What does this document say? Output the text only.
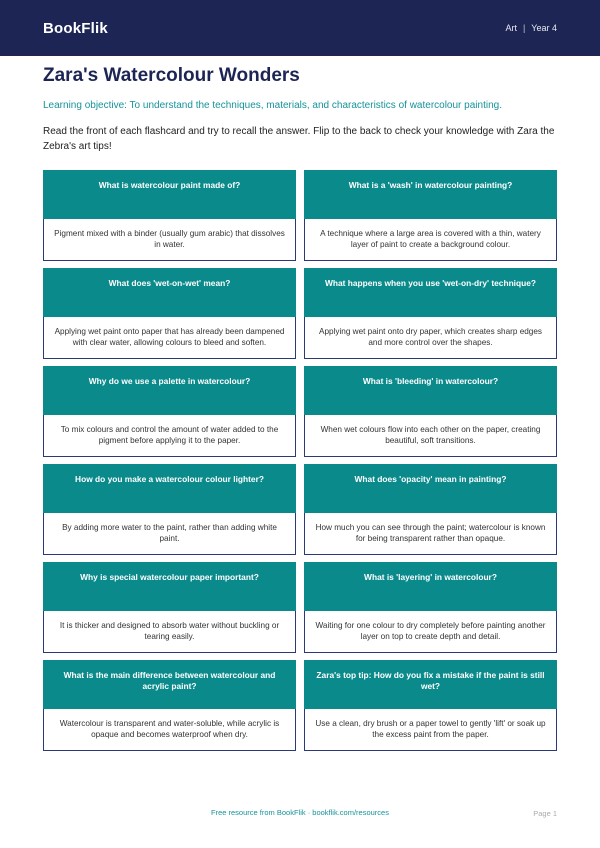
BookFlik	Art | Year 4
Zara's Watercolour Wonders

Learning objective: To understand the techniques, materials, and characteristics of watercolour painting.

Read the front of each flashcard and try to recall the answer. Flip to the back to check your knowledge with Zara the Zebra's art tips!

What is watercolour paint made of?
Pigment mixed with a binder (usually gum arabic) that dissolves in water.
What is a 'wash' in watercolour painting?
A technique where a large area is covered with a thin, watery layer of paint to create a background colour.
What does 'wet-on-wet' mean?
Applying wet paint onto paper that has already been dampened with clear water, allowing colours to bleed and soften.
What happens when you use 'wet-on-dry' technique?
Applying wet paint onto dry paper, which creates sharp edges and more control over the shapes.
Why do we use a palette in watercolour?
To mix colours and control the amount of water added to the pigment before applying it to the paper.
What is 'bleeding' in watercolour?
When wet colours flow into each other on the paper, creating beautiful, soft transitions.
How do you make a watercolour colour lighter?
By adding more water to the paint, rather than adding white paint.
What does 'opacity' mean in painting?
How much you can see through the paint; watercolour is known for being transparent rather than opaque.
Why is special watercolour paper important?
It is thicker and designed to absorb water without buckling or tearing easily.
What is 'layering' in watercolour?
Waiting for one colour to dry completely before painting another layer on top to create depth and detail.
What is the main difference between watercolour and acrylic paint?
Watercolour is transparent and water-soluble, while acrylic is opaque and becomes waterproof when dry.
Zara's top tip: How do you fix a mistake if the paint is still wet?
Use a clean, dry brush or a paper towel to gently 'lift' or soak up the excess paint from the paper.
Free resource from BookFlik · bookflik.com/resources	Page 1
